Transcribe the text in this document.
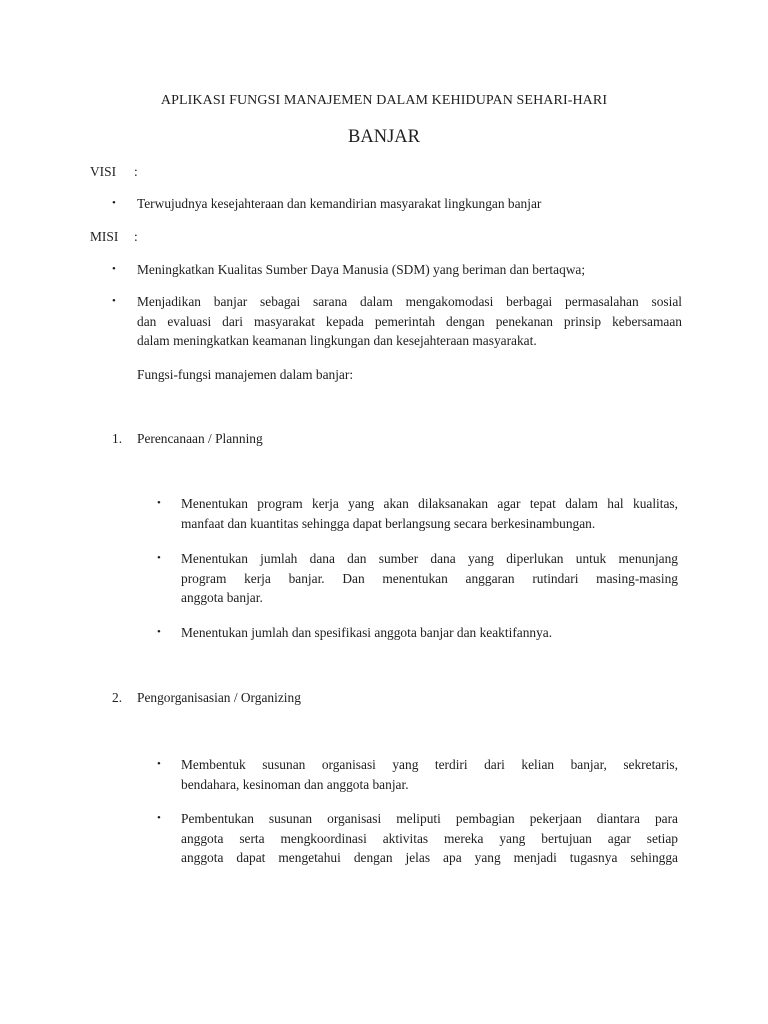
APLIKASI FUNGSI MANAJEMEN DALAM KEHIDUPAN SEHARI-HARI
BANJAR
VISI :
•	Terwujudnya kesejahteraan dan kemandirian masyarakat lingkungan banjar
MISI :
•	Meningkatkan Kualitas Sumber Daya Manusia (SDM) yang beriman dan bertaqwa;
•	Menjadikan banjar sebagai sarana dalam mengakomodasi berbagai permasalahan sosial
dan evaluasi dari masyarakat kepada pemerintah dengan penekanan prinsip kebersamaan
dalam meningkatkan keamanan lingkungan dan kesejahteraan masyarakat.
Fungsi-fungsi manajemen dalam banjar:
1. Perencanaan / Planning
• Menentukan program kerja yang akan dilaksanakan agar tepat dalam hal kualitas,
manfaat dan kuantitas sehingga dapat berlangsung secara berkesinambungan.
• Menentukan jumlah dana dan sumber dana yang diperlukan untuk menunjang
program kerja banjar. Dan menentukan anggaran rutindari masing-masing
anggota banjar.
• Menentukan jumlah dan spesifikasi anggota banjar dan keaktifannya.
2. Pengorganisasian / Organizing
• Membentuk susunan organisasi yang terdiri dari kelian banjar, sekretaris,
bendahara, kesinoman dan anggota banjar.
• Pembentukan susunan organisasi meliputi pembagian pekerjaan diantara para
anggota serta mengkoordinasi aktivitas mereka yang bertujuan agar setiap
anggota dapat mengetahui dengan jelas apa yang menjadi tugasnya sehingga
